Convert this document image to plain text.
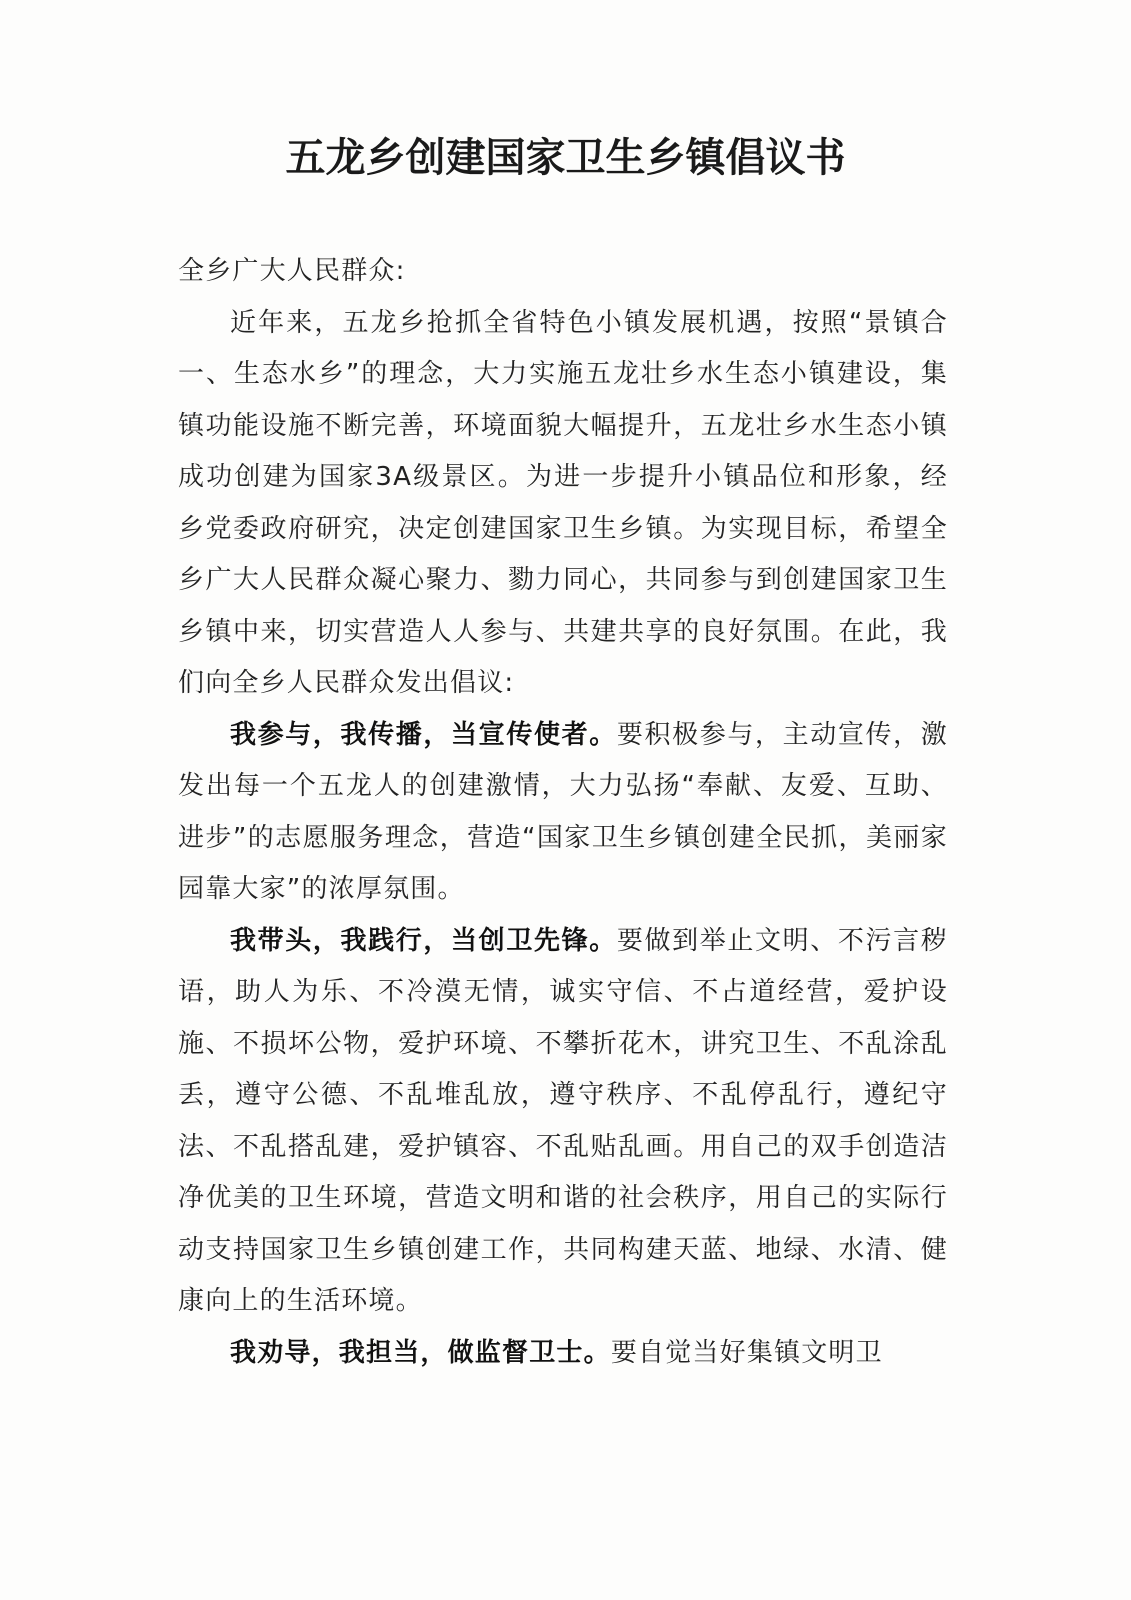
五龙乡创建国家卫生乡镇倡议书

全乡广大人民群众:

近年来，五龙乡抢抓全省特色小镇发展机遇，按照“景镇合一、生态水乡”的理念，大力实施五龙壮乡水生态小镇建设，集镇功能设施不断完善，环境面貌大幅提升，五龙壮乡水生态小镇成功创建为国家3A级景区。为进一步提升小镇品位和形象，经乡党委政府研究，决定创建国家卫生乡镇。为实现目标，希望全乡广大人民群众凝心聚力、勠力同心，共同参与到创建国家卫生乡镇中来，切实营造人人参与、共建共享的良好氛围。在此，我们向全乡人民群众发出倡议:

我参与，我传播，当宣传使者。要积极参与，主动宣传，激发出每一个五龙人的创建激情，大力弘扬“奉献、友爱、互助、进步”的志愿服务理念，营造“国家卫生乡镇创建全民抓，美丽家园靠大家”的浓厚氛围。

我带头，我践行，当创卫先锋。要做到举止文明、不污言秽语，助人为乐、不冷漠无情，诚实守信、不占道经营，爱护设施、不损坏公物，爱护环境、不攀折花木，讲究卫生、不乱涂乱丢，遵守公德、不乱堆乱放，遵守秩序、不乱停乱行，遵纪守法、不乱搭乱建，爱护镇容、不乱贴乱画。用自己的双手创造洁净优美的卫生环境，营造文明和谐的社会秩序，用自己的实际行动支持国家卫生乡镇创建工作，共同构建天蓝、地绿、水清、健康向上的生活环境。

我劝导，我担当，做监督卫士。要自觉当好集镇文明卫
